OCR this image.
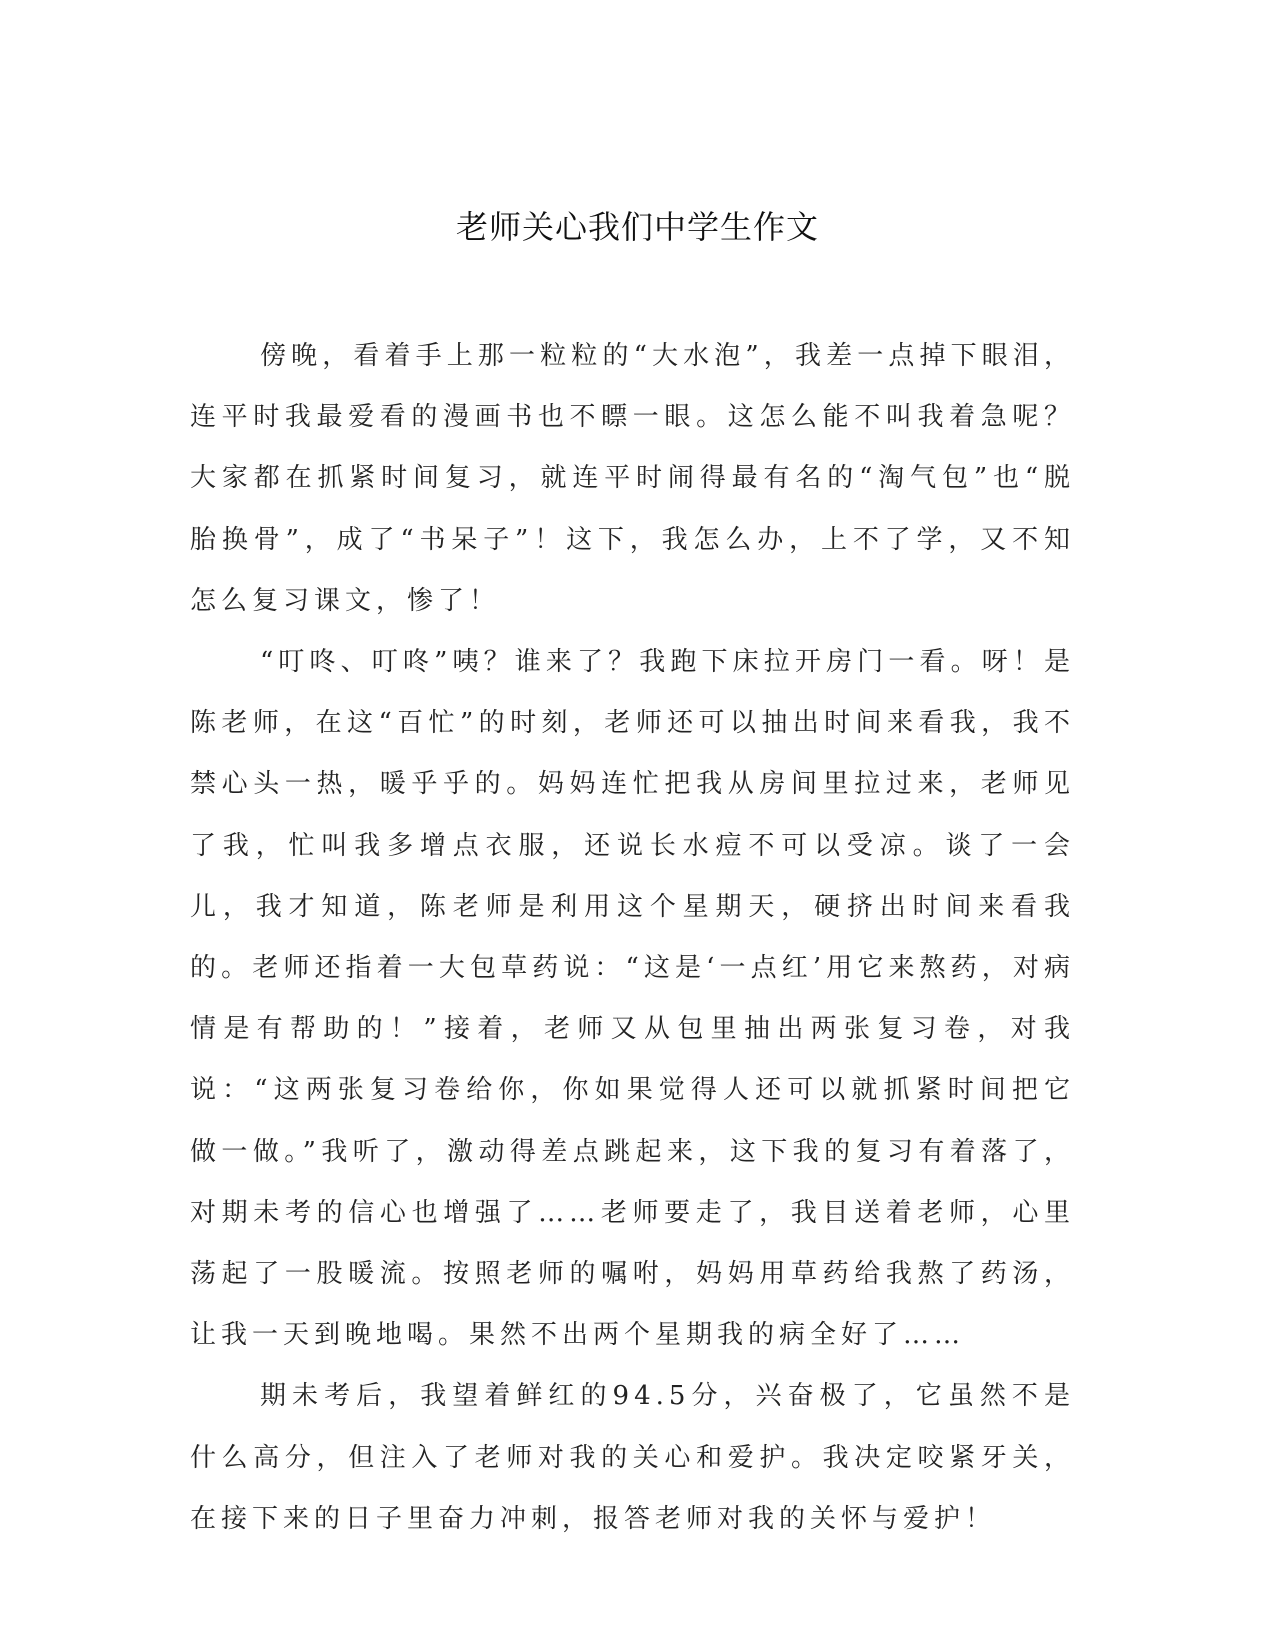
老师关心我们中学生作文

傍晚，看着手上那一粒粒的“大水泡”，我差一点掉下眼泪，连平时我最爱看的漫画书也不瞟一眼。这怎么能不叫我着急呢？大家都在抓紧时间复习，就连平时闹得最有名的“淘气包”也“脱胎换骨”，成了“书呆子”！这下，我怎么办，上不了学，又不知怎么复习课文，惨了！

“叮咚、叮咚”咦？谁来了？我跑下床拉开房门一看。呀！是陈老师，在这“百忙”的时刻，老师还可以抽出时间来看我，我不禁心头一热，暖乎乎的。妈妈连忙把我从房间里拉过来，老师见了我，忙叫我多增点衣服，还说长水痘不可以受凉。谈了一会儿，我才知道，陈老师是利用这个星期天，硬挤出时间来看我的。老师还指着一大包草药说：“这是‘一点红’用它来熬药，对病情是有帮助的！”接着，老师又从包里抽出两张复习卷，对我说：“这两张复习卷给你，你如果觉得人还可以就抓紧时间把它做一做。”我听了，激动得差点跳起来，这下我的复习有着落了，对期未考的信心也增强了……老师要走了，我目送着老师，心里荡起了一股暖流。按照老师的嘱咐，妈妈用草药给我熬了药汤，让我一天到晚地喝。果然不出两个星期我的病全好了……

期未考后，我望着鲜红的94.5分，兴奋极了，它虽然不是什么高分，但注入了老师对我的关心和爱护。我决定咬紧牙关，在接下来的日子里奋力冲刺，报答老师对我的关怀与爱护！
